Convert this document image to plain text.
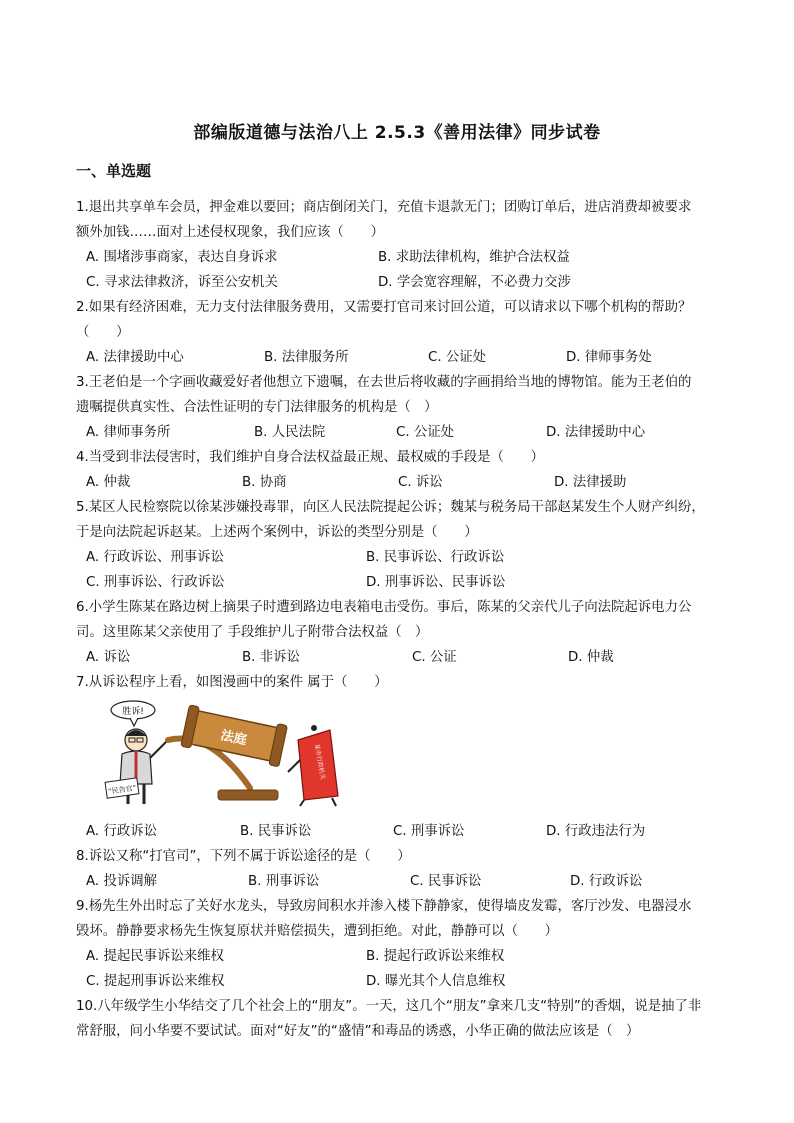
部编版道德与法治八上 2.5.3《善用法律》同步试卷
一、单选题
1.退出共享单车会员，押金难以要回；商店倒闭关门，充值卡退款无门；团购订单后，进店消费却被要求
额外加钱……面对上述侵权现象，我们应该（　　）
A. 围堵涉事商家，表达自身诉求	B. 求助法律机构，维护合法权益
C. 寻求法律救济，诉至公安机关	D. 学会宽容理解，不必费力交涉
2.如果有经济困难，无力支付法律服务费用，又需要打官司来讨回公道，可以请求以下哪个机构的帮助？
（　　）
A. 法律援助中心	B. 法律服务所	C. 公证处	D. 律师事务处
3.王老伯是一个字画收藏爱好者他想立下遗嘱，在去世后将收藏的字画捐给当地的博物馆。能为王老伯的
遗嘱提供真实性、合法性证明的专门法律服务的机构是（　）
A. 律师事务所	B. 人民法院	C. 公证处	D. 法律援助中心
4.当受到非法侵害时，我们维护自身合法权益最正规、最权威的手段是（　　）
A. 仲裁	B. 协商	C. 诉讼	D. 法律援助
5.某区人民检察院以徐某涉嫌投毒罪，向区人民法院提起公诉；魏某与税务局干部赵某发生个人财产纠纷，
于是向法院起诉赵某。上述两个案例中，诉讼的类型分别是（　　）
A. 行政诉讼、刑事诉讼	B. 民事诉讼、行政诉讼
C. 刑事诉讼、行政诉讼	D. 刑事诉讼、民事诉讼
6.小学生陈某在路边树上摘果子时遭到路边电表箱电击受伤。事后，陈某的父亲代儿子向法院起诉电力公
司。这里陈某父亲使用了 手段维护儿子附带合法权益（　）
A. 诉讼	B. 非诉讼	C. 公证	D. 仲裁
7.从诉讼程序上看，如图漫画中的案件 属于（　　）
胜诉!
“民告官”
法庭
某市行政机关
A. 行政诉讼	B. 民事诉讼	C. 刑事诉讼	D. 行政违法行为
8.诉讼又称“打官司”，下列不属于诉讼途径的是（　　）
A. 投诉调解	B. 刑事诉讼	C. 民事诉讼	D. 行政诉讼
9.杨先生外出时忘了关好水龙头，导致房间积水并渗入楼下静静家，使得墙皮发霉，客厅沙发、电器浸水
毁坏。静静要求杨先生恢复原状并赔偿损失，遭到拒绝。对此，静静可以（　　）
A. 提起民事诉讼来维权	B. 提起行政诉讼来维权
C. 提起刑事诉讼来维权	D. 曝光其个人信息维权
10.八年级学生小华结交了几个社会上的“朋友”。一天，这几个“朋友”拿来几支“特别”的香烟，说是抽了非
常舒服，问小华要不要试试。面对“好友”的“盛情”和毒品的诱惑，小华正确的做法应该是（　）
